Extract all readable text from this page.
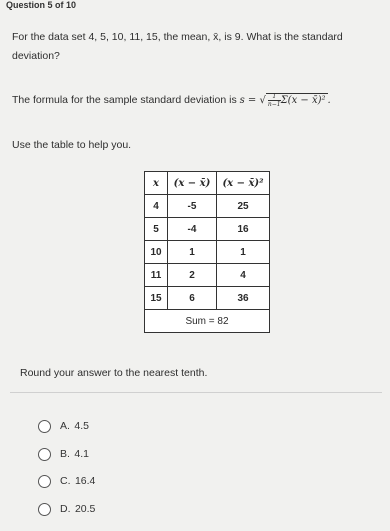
Question 5 of 10
For the data set 4, 5, 10, 11, 15, the mean, x̄, is 9. What is the standard
deviation?
The formula for the sample standard deviation is s = √ $\frac{1}{n-1} \Sigma(x$ − x̄)² .
Use the table to help you.
x	(x − x̄)	(x − x̄)²
4	-5	25
5	-4	16
10	1	1
11	2	4
15	6	36
Sum = 82		
Round your answer to the nearest tenth.
A.
4.5
B.
4.1
C.
16.4
D.
20.5
